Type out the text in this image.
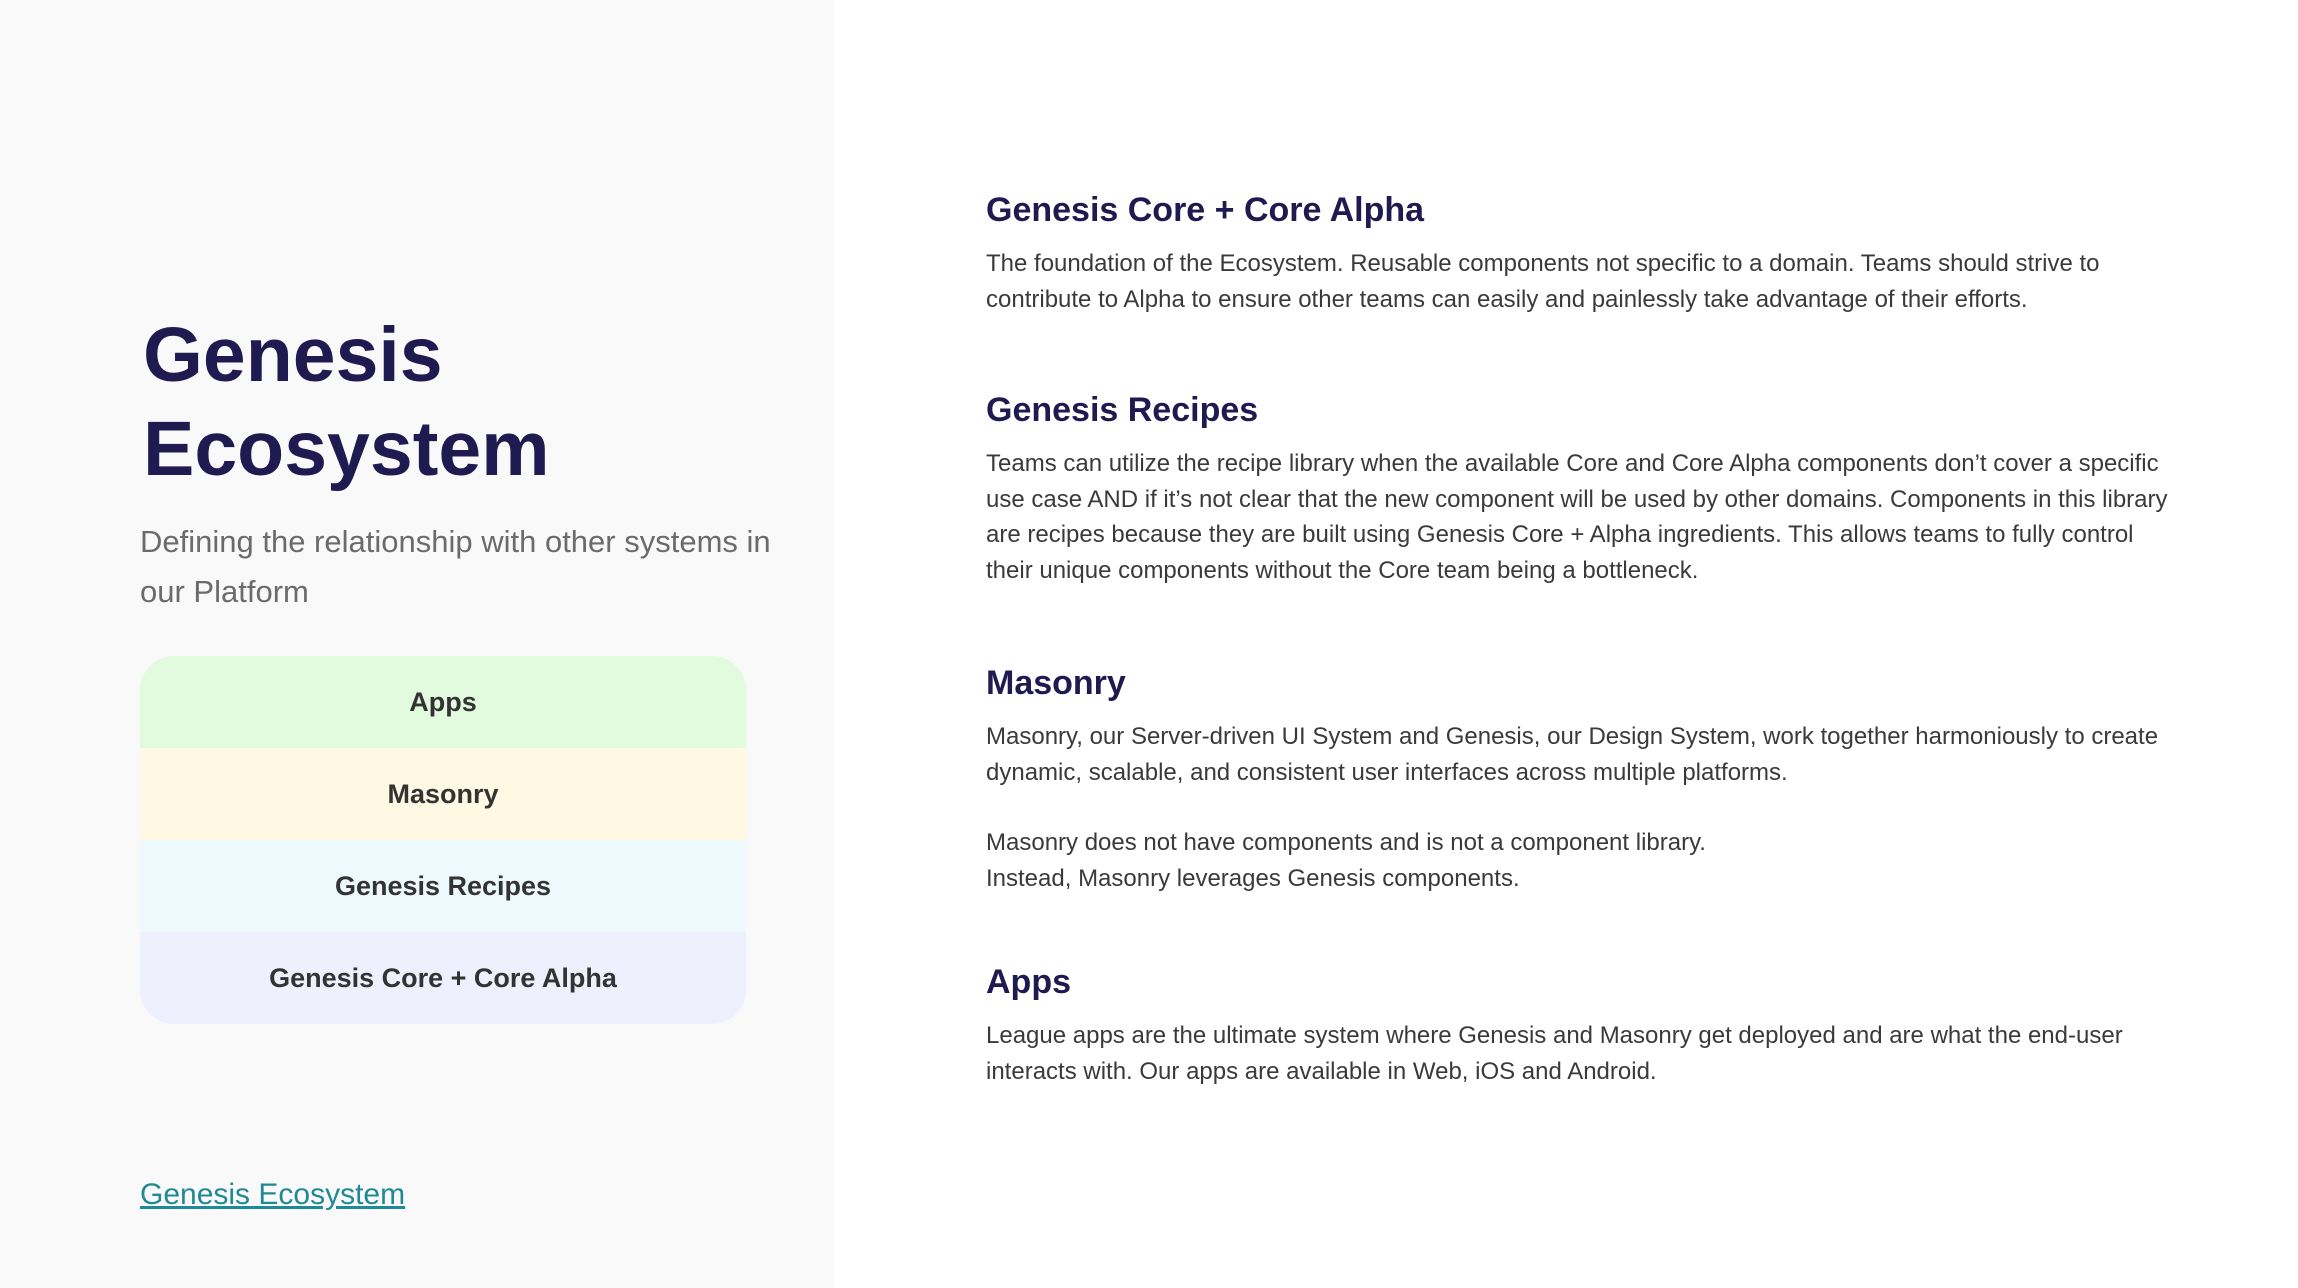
Genesis
Ecosystem

Defining the relationship with other systems in our Platform

Apps
Masonry
Genesis Recipes
Genesis Core + Core Alpha
Genesis Ecosystem
Genesis Core + Core Alpha

The foundation of the Ecosystem. Reusable components not specific to a domain. Teams should strive to contribute to Alpha to ensure other teams can easily and painlessly take advantage of their efforts.

Genesis Recipes

Teams can utilize the recipe library when the available Core and Core Alpha components don’t cover a specific use case AND if it’s not clear that the new component will be used by other domains. Components in this library are recipes because they are built using Genesis Core + Alpha ingredients. This allows teams to fully control their unique components without the Core team being a bottleneck.

Masonry

Masonry, our Server-driven UI System and Genesis, our Design System, work together harmoniously to create dynamic, scalable, and consistent user interfaces across multiple platforms.

Masonry does not have components and is not a component library.
Instead, Masonry leverages Genesis components.

Apps

League apps are the ultimate system where Genesis and Masonry get deployed and are what the end-user interacts with. Our apps are available in Web, iOS and Android.
